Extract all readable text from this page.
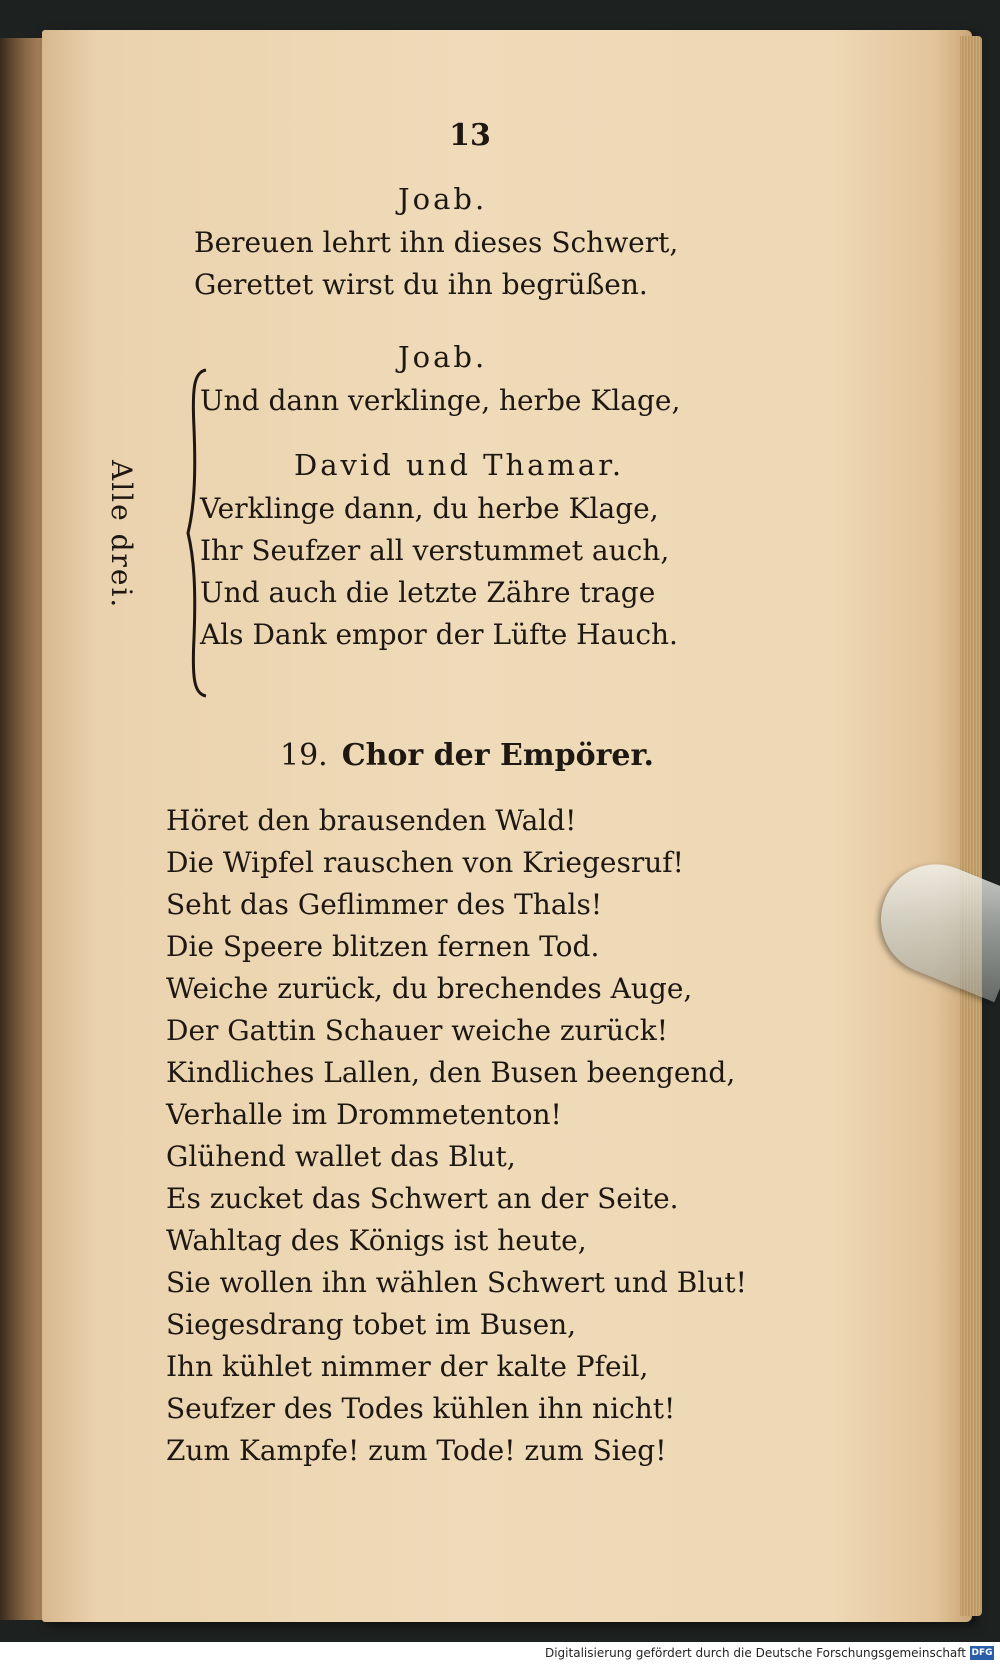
13
Joab.
Bereuen lehrt ihn dieses Schwert,
Gerettet wirst du ihn begrüßen.
Joab.
Und dann verklinge, herbe Klage,
David und Thamar.
Verklinge dann, du herbe Klage,
Ihr Seufzer all verstummet auch,
Und auch die letzte Zähre trage
Als Dank empor der Lüfte Hauch.
Alle drei.
19. Chor der Empörer.
Höret den brausenden Wald!
Die Wipfel rauschen von Kriegesruf!
Seht das Geflimmer des Thals!
Die Speere blitzen fernen Tod.
Weiche zurück, du brechendes Auge,
Der Gattin Schauer weiche zurück!
Kindliches Lallen, den Busen beengend,
Verhalle im Drommetenton!
Glühend wallet das Blut,
Es zucket das Schwert an der Seite.
Wahltag des Königs ist heute,
Sie wollen ihn wählen Schwert und Blut!
Siegesdrang tobet im Busen,
Ihn kühlet nimmer der kalte Pfeil,
Seufzer des Todes kühlen ihn nicht!
Zum Kampfe! zum Tode! zum Sieg!
Digitalisierung gefördert durch die Deutsche Forschungsgemeinschaft DFG
